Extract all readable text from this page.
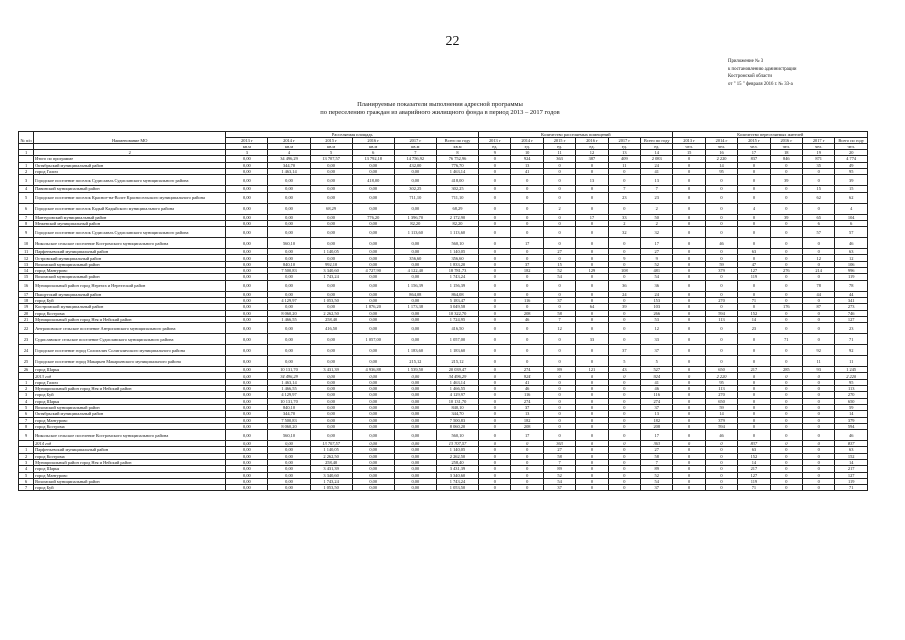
22
Приложение № 3
к постановлению администрации
Костромской области
от " 15 " февраля 2016 г. № 33-а
Планируемые показатели выполнения адресной программы
по переселению граждан из аварийного жилищного фонда в период 2013 – 2017 годов
№ п/п	Наименование МО	Расселяемая площадь						Количество расселяемых помещений						Количество переселяемых жителей					
		2013 г	2014 г	2015 г	2016 г	2017 г	Всего по году	2013 г	2014 г	2015 г	2016 г	2017 г	Всего по году	2013 г	2014 г	2015 г	2016 г	2017 г	Всего по году
		кв.м	кв.м	кв.м	кв.м	кв.м	кв.м	ед.	ед.	ед.	ед.	ед.	ед.	чел.	чел.	чел.	чел.	чел.	чел.
1	2	3	4	5	6	7	8	9	10	11	12	13	14	15	16	17	18	19	20
	Итого по программе	0,00	34 496,29	13 707,57	13 792,18	14 756,92	76 752,96	0	924	363	387	409	2 083	0	2 220	837	846	871	4 774
1	Октябрьский муниципальный район	0,00	344,70	0,00	0,00	432,00	776,70	0	13	0	0	11	24	0	14	0	0	35	49
2	город Галич	0,00	1 463,14	0,00	0,00	0,00	1 463,14	0	41	0	0	0	41	0	95	0	0	0	95
3	Городское поселение поселок Судиславль Судиславского муниципального района	0,00	0,00	0,00	418,00	0,00	418,00	0	0	0	13	0	13	0	0	0	39	0	39
4	Павинский муниципальный район	0,00	0,00	0,00	0,00	302,25	302,25	0	0	0	0	7	7	0	0	0	0	15	15
5	Городское поселение поселок Красное-на-Волге Красносельского муниципального района	0,00	0,00	0,00	0,00	711,10	711,10	0	0	0	0	23	23	0	0	0	0	62	62
6	Городское поселение поселок Кадый Кадыйского муниципального района	0,00	0,00	68,29	0,00	0,00	68,29	0	0	2	0	0	2	0	0	4	0	0	4
7	Мантуровский муниципальный район	0,00	0,00	0,00	776,20	1 396,70	2 172,90	0	0	0	17	33	50	0	0	0	39	65	104
8	Межевской муниципальный район	0,00	0,00	0,00	0,00	82,20	82,20	0	0	0	0	2	2	0	0	0	0	6	6
9	Городское поселение поселок Судиславль Судиславского муниципального района	0,00	0,00	0,00	0,00	1 113,60	1 113,60	0	0	0	0	32	32	0	0	0	0	57	57
10	Никольское сельское поселение Костромского муниципального района	0,00	560,10	0,00	0,00	0,00	560,10	0	17	0	0	0	17	0	46	0	0	0	46
11	Парфеньевский муниципальный район	0,00	0,00	1 140,05	0,00	0,00	1 140,05	0	0	27	0	0	27	0	0	63	0	0	63
12	Островский муниципальный район	0,00	0,00	0,00	0,00	356,60	356,60	0	0	0	0	9	9	0	0	0	0	12	12
13	Вохомский муниципальный район	0,00	840,10	992,10	0,00	0,00	1 833,20	0	37	15	0	0	52	0	59	47	0	0	106
14	город Мантурово	0,00	7 500,83	3 340,60	4 727,90	4 122,40	18 781,73	0	182	52	129	108	481	0	379	127	276	214	996
15	Вохомский муниципальный район	0,00	0,00	1 743,24	0,00	0,00	1 743,24	0	0	54	0	0	54	0	0	119	0	0	119
16	Муниципальный район город Нерехта и Нерехтский район	0,00	0,00	0,00	0,00	1 156,39	1 156,39	0	0	0	0	36	36	0	0	0	0	78	78
17	Пыщугский муниципальный район	0,00	0,00	0,00	0,00	864,08	864,08	0	0	0	0	24	24	0	0	0	0	44	44
18	город Буй	0,00	4 129,97	1 053,50	0,00	0,00	5 183,47	0	116	37	0	0	153	0	270	71	0	0	341
19	Костромской муниципальный район	0,00	0,00	0,00	1 876,20	1 173,38	3 049,58	0	0	0	64	39	103	0	0	0	176	87	273
20	город Кострома	0,00	8 060,20	2 262,50	0,00	0,00	10 322,70	0	208	58	0	0	266	0	594	152	0	0	746
21	Муниципальный район город Нея и Нейский район	0,00	1 466,55	258,40	0,00	0,00	1 724,95	0	46	7	0	0	53	0	113	14	0	0	127
22	Антроповское сельское поселение Антроповского муниципального района	0,00	0,00	416,50	0,00	0,00	416,50	0	0	12	0	0	12	0	0	23	0	0	23
23	Судиславское сельское поселение Судиславского муниципального района	0,00	0,00	0,00	1 057,00	0,00	1 057,00	0	0	0	33	0	33	0	0	0	71	0	71
24	Городское поселение город Солигалич Солигаличского муниципального района	0,00	0,00	0,00	0,00	1 183,60	1 183,60	0	0	0	0	37	37	0	0	0	0	92	92
25	Городское поселение город Макарьев Макарьевского муниципального района	0,00	0,00	0,00	0,00	215,12	215,12	0	0	0	0	5	5	0	0	0	0	11	11
26	город Шарья	0,00	10 131,70	3 431,39	4 936,88	1 539,50	20 039,47	0	274	89	121	43	527	0	650	217	285	93	1 245
	2013 год	0,00	34 496,29	0,00	0,00	0,00	34 496,29	0	924	0	0	0	924	0	2 220	0	0	0	2 220
1	город Галич	0,00	1 463,14	0,00	0,00	0,00	1 463,14	0	41	0	0	0	41	0	95	0	0	0	95
2	Муниципальный район город Нея и Нейский район	0,00	1 466,55	0,00	0,00	0,00	1 466,55	0	46	0	0	0	46	0	113	0	0	0	113
3	город Буй	0,00	4 129,97	0,00	0,00	0,00	4 129,97	0	116	0	0	0	116	0	270	0	0	0	270
4	город Шарья	0,00	10 131,70	0,00	0,00	0,00	10 131,70	0	274	0	0	0	274	0	650	0	0	0	650
5	Вохомский муниципальный район	0,00	840,10	0,00	0,00	0,00	840,10	0	37	0	0	0	37	0	59	0	0	0	59
6	Октябрьский муниципальный район	0,00	344,70	0,00	0,00	0,00	344,70	0	13	0	0	0	13	0	14	0	0	0	14
7	город Мантурово	0,00	7 500,83	0,00	0,00	0,00	7 500,83	0	182	0	0	0	182	0	379	0	0	0	379
8	город Кострома	0,00	8 060,20	0,00	0,00	0,00	8 060,20	0	208	0	0	0	208	0	594	0	0	0	594
9	Никольское сельское поселение Костромского муниципального района	0,00	560,10	0,00	0,00	0,00	560,10	0	17	0	0	0	17	0	46	0	0	0	46
	2014 год	0,00	0,00	13 707,57	0,00	0,00	13 707,57	0	0	363	0	0	363	0	0	837	0	0	837
1	Парфеньевский муниципальный район	0,00	0,00	1 140,05	0,00	0,00	1 140,05	0	0	27	0	0	27	0	0	63	0	0	63
2	город Кострома	0,00	0,00	2 262,50	0,00	0,00	2 262,50	0	0	58	0	0	58	0	0	152	0	0	152
3	Муниципальный район город Нея и Нейский район	0,00	0,00	258,40	0,00	0,00	258,40	0	0	7	0	0	7	0	0	14	0	0	14
4	город Шарья	0,00	0,00	3 431,39	0,00	0,00	3 431,39	0	0	89	0	0	89	0	0	217	0	0	217
5	город Мантурово	0,00	0,00	3 340,60	0,00	0,00	3 340,60	0	0	52	0	0	52	0	0	127	0	0	127
6	Вохомский муниципальный район	0,00	0,00	1 743,24	0,00	0,00	1 743,24	0	0	54	0	0	54	0	0	119	0	0	119
7	город Буй	0,00	0,00	1 053,50	0,00	0,00	1 053,50	0	0	37	0	0	37	0	0	71	0	0	71
